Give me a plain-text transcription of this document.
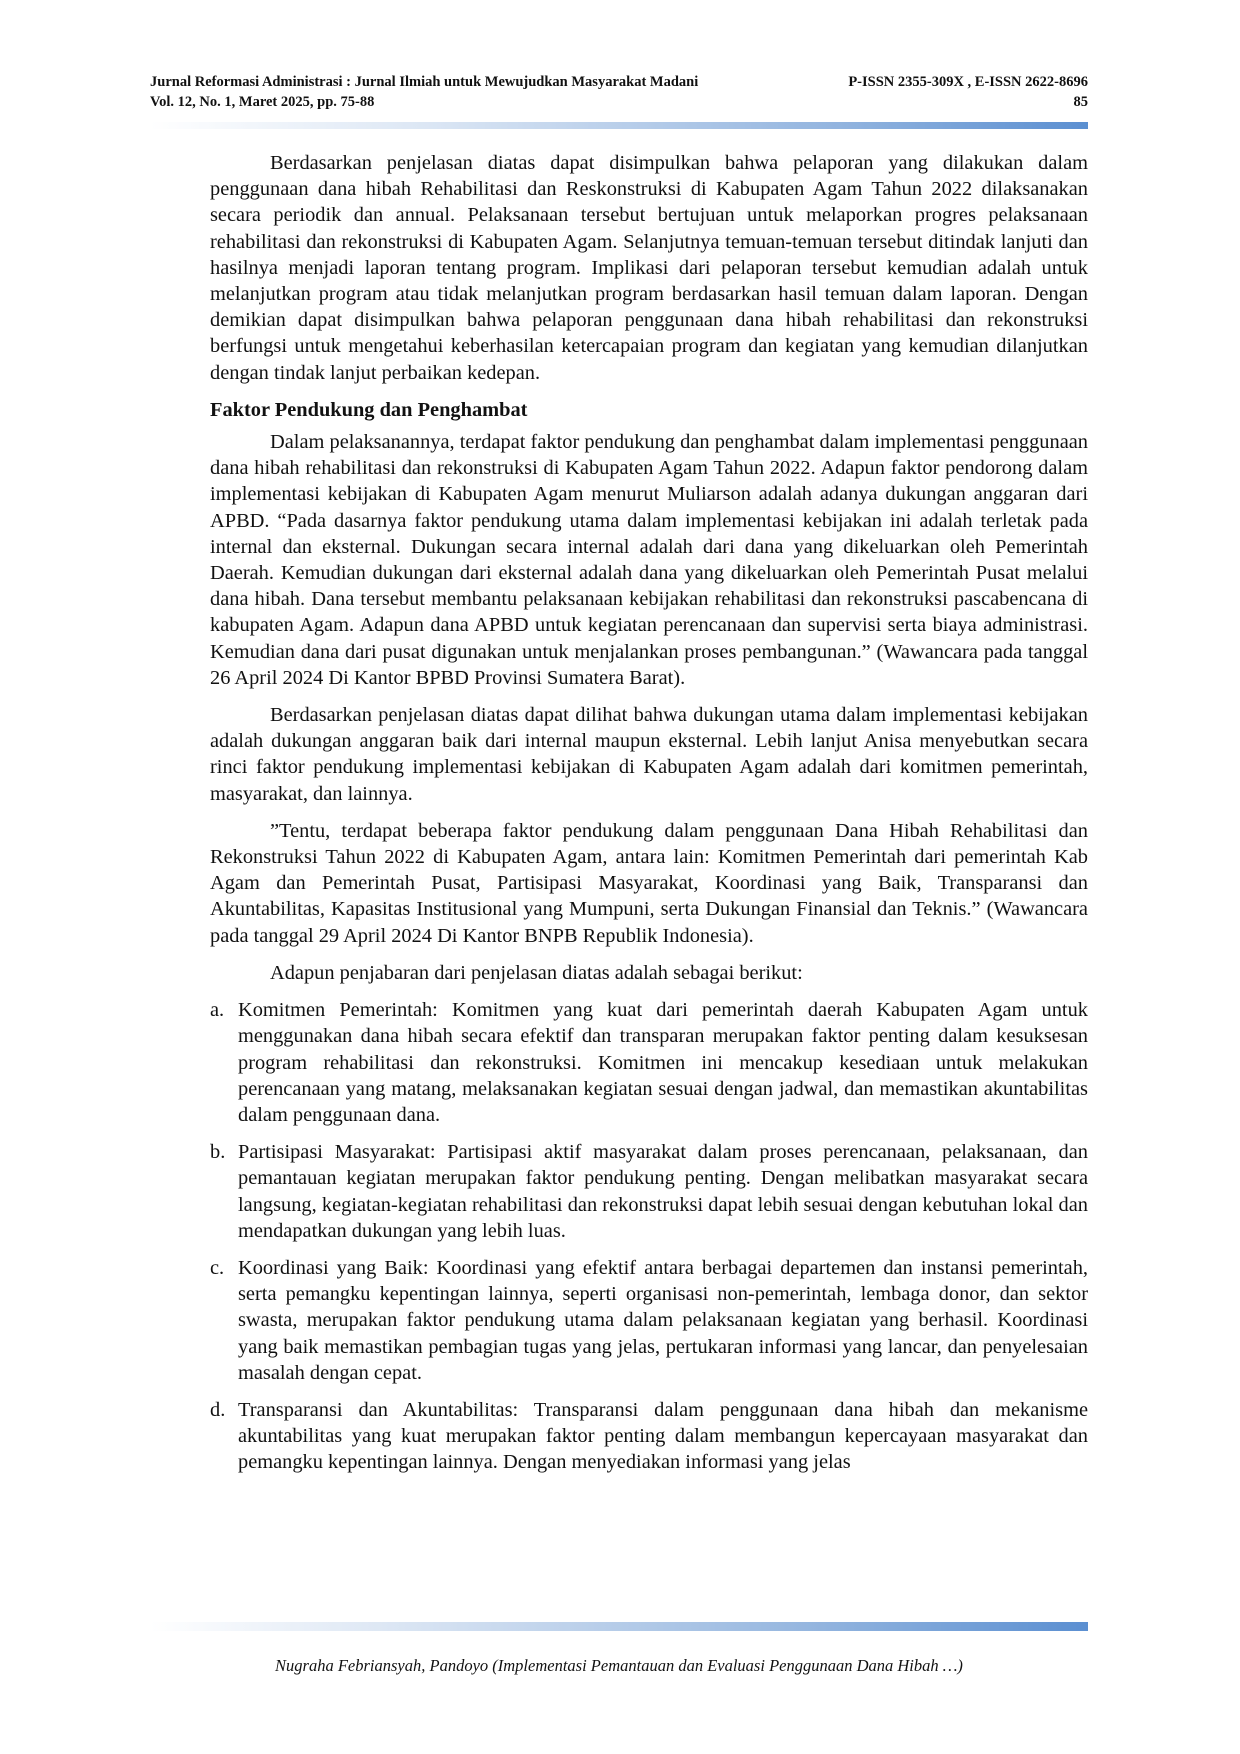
Jurnal Reformasi Administrasi : Jurnal Ilmiah untuk Mewujudkan Masyarakat Madani	P-ISSN 2355-309X , E-ISSN 2622-8696
Vol. 12, No. 1, Maret 2025, pp. 75-88	85

Berdasarkan penjelasan diatas dapat disimpulkan bahwa pelaporan yang dilakukan dalam penggunaan dana hibah Rehabilitasi dan Reskonstruksi di Kabupaten Agam Tahun 2022 dilaksanakan secara periodik dan annual. Pelaksanaan tersebut bertujuan untuk melaporkan progres pelaksanaan rehabilitasi dan rekonstruksi di Kabupaten Agam. Selanjutnya temuan-temuan tersebut ditindak lanjuti dan hasilnya menjadi laporan tentang program. Implikasi dari pelaporan tersebut kemudian adalah untuk melanjutkan program atau tidak melanjutkan program berdasarkan hasil temuan dalam laporan. Dengan demikian dapat disimpulkan bahwa pelaporan penggunaan dana hibah rehabilitasi dan rekonstruksi berfungsi untuk mengetahui keberhasilan ketercapaian program dan kegiatan yang kemudian dilanjutkan dengan tindak lanjut perbaikan kedepan.

Faktor Pendukung dan Penghambat

Dalam pelaksanannya, terdapat faktor pendukung dan penghambat dalam implementasi penggunaan dana hibah rehabilitasi dan rekonstruksi di Kabupaten Agam Tahun 2022. Adapun faktor pendorong dalam implementasi kebijakan di Kabupaten Agam menurut Muliarson adalah adanya dukungan anggaran dari APBD. “Pada dasarnya faktor pendukung utama dalam implementasi kebijakan ini adalah terletak pada internal dan eksternal. Dukungan secara internal adalah dari dana yang dikeluarkan oleh Pemerintah Daerah. Kemudian dukungan dari eksternal adalah dana yang dikeluarkan oleh Pemerintah Pusat melalui dana hibah. Dana tersebut membantu pelaksanaan kebijakan rehabilitasi dan rekonstruksi pascabencana di kabupaten Agam. Adapun dana APBD untuk kegiatan perencanaan dan supervisi serta biaya administrasi. Kemudian dana dari pusat digunakan untuk menjalankan proses pembangunan.” (Wawancara pada tanggal 26 April 2024 Di Kantor BPBD Provinsi Sumatera Barat).

Berdasarkan penjelasan diatas dapat dilihat bahwa dukungan utama dalam implementasi kebijakan adalah dukungan anggaran baik dari internal maupun eksternal. Lebih lanjut Anisa menyebutkan secara rinci faktor pendukung implementasi kebijakan di Kabupaten Agam adalah dari komitmen pemerintah, masyarakat, dan lainnya.

”Tentu, terdapat beberapa faktor pendukung dalam penggunaan Dana Hibah Rehabilitasi dan Rekonstruksi Tahun 2022 di Kabupaten Agam, antara lain: Komitmen Pemerintah dari pemerintah Kab Agam dan Pemerintah Pusat, Partisipasi Masyarakat, Koordinasi yang Baik, Transparansi dan Akuntabilitas, Kapasitas Institusional yang Mumpuni, serta Dukungan Finansial dan Teknis.” (Wawancara pada tanggal 29 April 2024 Di Kantor BNPB Republik Indonesia).

Adapun penjabaran dari penjelasan diatas adalah sebagai berikut:

a. Komitmen Pemerintah: Komitmen yang kuat dari pemerintah daerah Kabupaten Agam untuk menggunakan dana hibah secara efektif dan transparan merupakan faktor penting dalam kesuksesan program rehabilitasi dan rekonstruksi. Komitmen ini mencakup kesediaan untuk melakukan perencanaan yang matang, melaksanakan kegiatan sesuai dengan jadwal, dan memastikan akuntabilitas dalam penggunaan dana.
b. Partisipasi Masyarakat: Partisipasi aktif masyarakat dalam proses perencanaan, pelaksanaan, dan pemantauan kegiatan merupakan faktor pendukung penting. Dengan melibatkan masyarakat secara langsung, kegiatan-kegiatan rehabilitasi dan rekonstruksi dapat lebih sesuai dengan kebutuhan lokal dan mendapatkan dukungan yang lebih luas.
c. Koordinasi yang Baik: Koordinasi yang efektif antara berbagai departemen dan instansi pemerintah, serta pemangku kepentingan lainnya, seperti organisasi non-pemerintah, lembaga donor, dan sektor swasta, merupakan faktor pendukung utama dalam pelaksanaan kegiatan yang berhasil. Koordinasi yang baik memastikan pembagian tugas yang jelas, pertukaran informasi yang lancar, dan penyelesaian masalah dengan cepat.
d. Transparansi dan Akuntabilitas: Transparansi dalam penggunaan dana hibah dan mekanisme akuntabilitas yang kuat merupakan faktor penting dalam membangun kepercayaan masyarakat dan pemangku kepentingan lainnya. Dengan menyediakan informasi yang jelas
Nugraha Febriansyah, Pandoyo (Implementasi Pemantauan dan Evaluasi Penggunaan Dana Hibah …)
